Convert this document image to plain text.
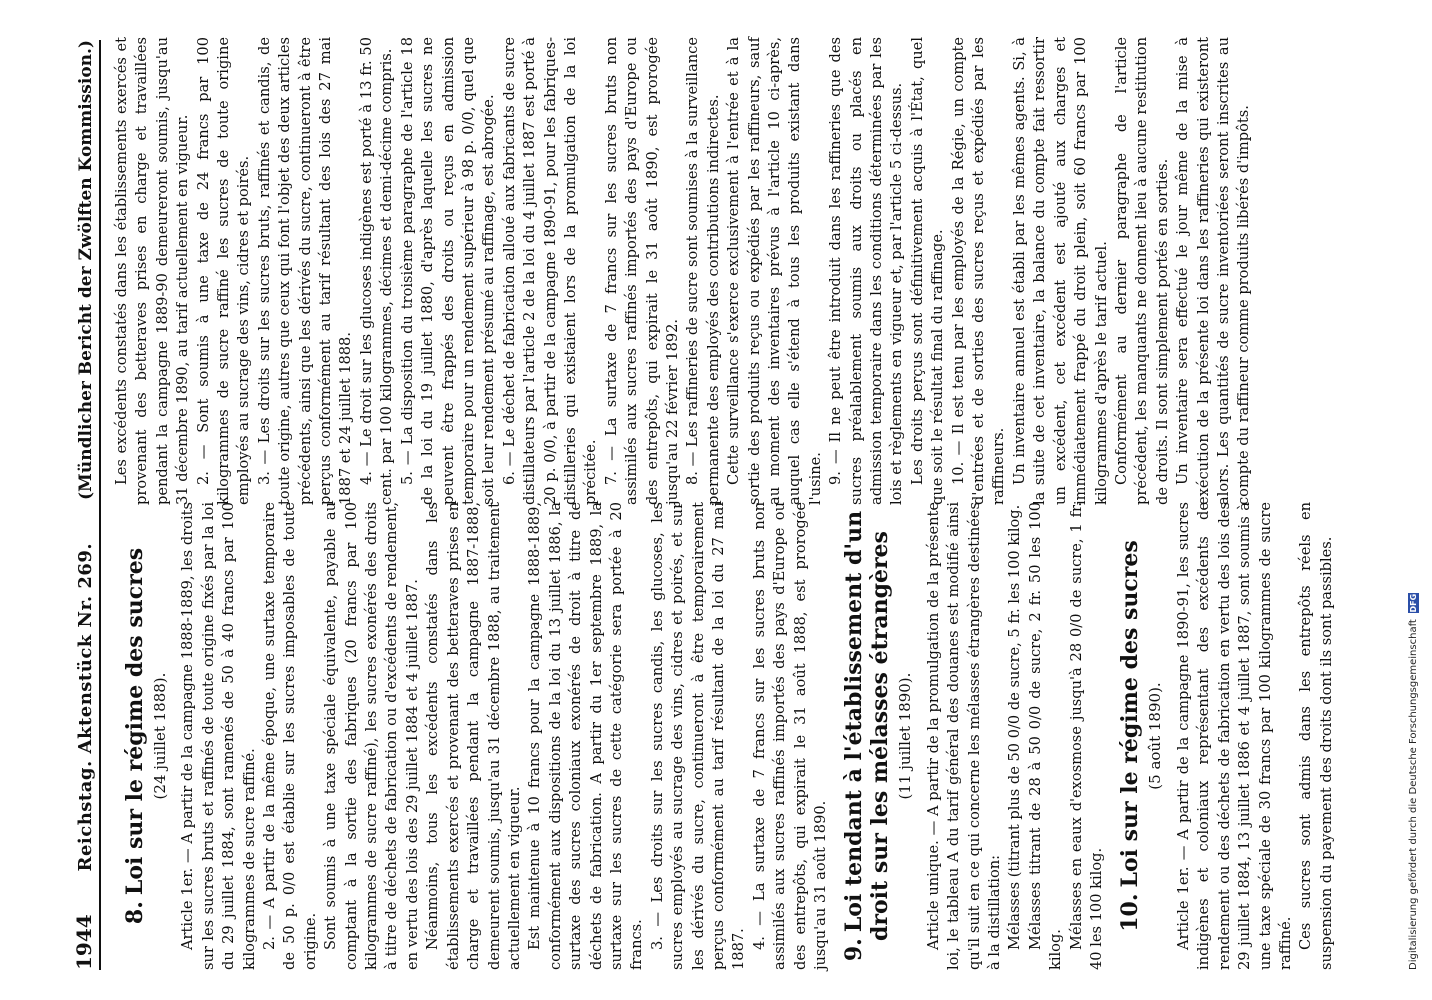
1944
Reichstag. Aktenstück Nr. 269.
(Mündlicher Bericht der Zwölften Kommission.)
8.Loi sur le régime des sucres (24 juillet 1888). Article 1er. — A partir de la campagne 1888-1889, les droits sur les sucres bruts et raffinés de toute origine fixés par la loi du 29 juillet 1884, sont ramenés de 50 à 40 francs par 100 kilogrammes de sucre raffiné. 2. — A partir de la même époque, une surtaxe temporaire de 50 p. 0/0 est établie sur les sucres imposables de toute origine. Sont soumis à une taxe spéciale équivalente, payable au comptant à la sortie des fabriques (20 francs par 100 kilogrammes de sucre raffiné), les sucres exonérés des droits à titre de déchets de fabrication ou d'excédents de rendement, en vertu des lois des 29 juillet 1884 et 4 juillet 1887. Néanmoins, tous les excédents constatés dans les établissements exercés et provenant des betteraves prises en charge et travaillées pendant la campagne 1887-1888, demeurent soumis, jusqu'au 31 décembre 1888, au traitement actuellement en vigueur. Est maintenue à 10 francs pour la campagne 1888-1889, conformément aux dispositions de la loi du 13 juillet 1886, la surtaxe des sucres coloniaux exonérés de droit à titre de déchets de fabrication. A partir du 1er septembre 1889, la surtaxe sur les sucres de cette catégorie sera portée à 20 francs. 3. — Les droits sur les sucres candis, les glucoses, les sucres employés au sucrage des vins, cidres et poirés, et sur les dérivés du sucre, continueront à être temporairement perçus conformément au tarif résultant de la loi du 27 mai 1887. 4. — La surtaxe de 7 francs sur les sucres bruts non assimilés aux sucres raffinés importés des pays d'Europe ou des entrepôts, qui expirait le 31 août 1888, est prorogée jusqu'au 31 août 1890. 9.Loi tendant à l'établissement d'un droit sur les mélasses étrangères (11 juillet 1890). Article unique. — A partir de la promulgation de la présente loi, le tableau A du tarif général des douanes est modifié ainsi qu'il suit en ce qui concerne les mélasses étrangères destinées à la distillation: Mélasses (titrant plus de 50 0/0 de sucre, 5 fr. les 100 kilog. Mélasses titrant de 28 à 50 0/0 de sucre, 2 fr. 50 les 100 kilog. Mélasses en eaux d'exosmose jusqu'à 28 0/0 de sucre, 1 fr. 40 les 100 kilog. 10.Loi sur le régime des sucres (5 août 1890). Article 1er. — A partir de la campagne 1890-91, les sucres indigènes et coloniaux représentant des excédents de rendement ou des déchets de fabrication en vertu des lois des 29 juillet 1884, 13 juillet 1886 et 4 juillet 1887, sont soumis à une taxe spéciale de 30 francs par 100 kilogrammes de sucre raffiné. Ces sucres sont admis dans les entrepôts réels en suspension du payement des droits dont ils sont passibles.

Les excédents constatés dans les établissements exercés et provenant des betteraves prises en charge et travaillées pendant la campagne 1889-90 demeureront soumis, jusqu'au 31 décembre 1890, au tarif actuellement en vigueur. 2. — Sont soumis à une taxe de 24 francs par 100 kilogrammes de sucre raffiné les sucres de toute origine employés au sucrage des vins, cidres et poirés. 3. — Les droits sur les sucres bruts, raffinés et candis, de toute origine, autres que ceux qui font l'objet des deux articles précédents, ainsi que les dérivés du sucre, continueront à être perçus conformément au tarif résultant des lois des 27 mai 1887 et 24 juillet 1888. 4. — Le droit sur les glucoses indigènes est porté à 13 fr. 50 cent. par 100 kilogrammes, décimes et demi-décime compris. 5. — La disposition du troisième paragraphe de l'article 18 de la loi du 19 juillet 1880, d'après laquelle les sucres ne peuvent être frappés des droits ou reçus en admission temporaire pour un rendement supérieur à 98 p. 0/0, quel que soit leur rendement présumé au raffinage, est abrogée. 6. — Le déchet de fabrication alloué aux fabricants de sucre distillateurs par l'article 2 de la loi du 4 juillet 1887 est porté à 20 p. 0/0, à partir de la campagne 1890-91, pour les fabriques-distilleries qui existaient lors de la promulgation de la loi précitée. 7. — La surtaxe de 7 francs sur les sucres bruts non assimilés aux sucres raffinés importés des pays d'Europe ou des entrepôts, qui expirait le 31 août 1890, est prorogée jusqu'au 22 février 1892. 8. — Les raffineries de sucre sont soumises à la surveillance permanente des employés des contributions indirectes. Cette surveillance s'exerce exclusivement à l'entrée et à la sortie des produits reçus ou expédiés par les raffineurs, sauf au moment des inventaires prévus à l'article 10 ci-après, auquel cas elle s'étend à tous les produits existant dans l'usine. 9. — Il ne peut être introduit dans les raffineries que des sucres préalablement soumis aux droits ou placés en admission temporaire dans les conditions déterminées par les lois et règlements en vigueur et, par l'article 5 ci-dessus. Les droits perçus sont définitivement acquis à l'État, quel que soit le résultat final du raffinage. 10. — Il est tenu par les employés de la Régie, un compte d'entrées et de sorties des sucres reçus et expédiés par les raffineurs. Un inventaire annuel est établi par les mêmes agents. Si, à la suite de cet inventaire, la balance du compte fait ressortir un excédent, cet excédent est ajouté aux charges et immédiatement frappé du droit plein, soit 60 francs par 100 kilogrammes d'après le tarif actuel. Conformément au dernier paragraphe de l'article précédent, les manquants ne donnent lieu à aucune restitution de droits. Il sont simplement portés en sorties. Un inventaire sera effectué le jour même de la mise à exécution de la présente loi dans les raffineries qui existeront alors. Les quantités de sucre inventoriées seront inscrites au compte du raffineur comme produits libérés d'impôts.

Digitalisierung gefördert durch die Deutsche Forschungsgemeinschaft
DFG
